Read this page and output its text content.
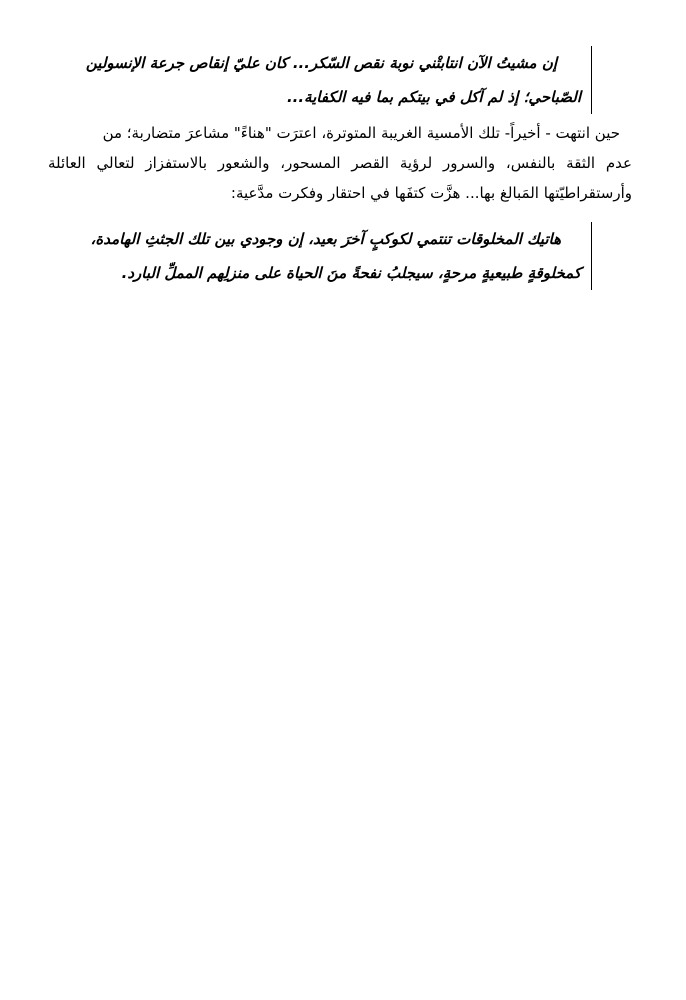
إن مشيتُ الآن انتابتْني نوبة نقص السّكر... كان عليّ إنقاص جرعة الإنسولين
الصّباحي؛ إذ لم آكل في بيتكم بما فيه الكفاية...
حين انتهت - أخيراً- تلك الأمسية الغريبة المتوترة، اعترَت "هناءً" مشاعرَ متضاربة؛ من
عدم الثقة بالنفس، والسرور لرؤية القصر المسحور، والشعور بالاستفزاز لتعالي العائلة
وأرستقراطيّتها المَبالغ بها... هزَّت كتفَها في احتقار وفكرت مدَّعية:
هاتيك المخلوقات تنتمي لكوكبٍ آخرَ بعيد، إن وجودي بين تلك الجثثِ الهامدة،
كمخلوقةٍ طبيعيةٍ مرحةٍ، سيجلبُ نفحةً منَ الحياة على منزلِهم المملِّ البارد.
